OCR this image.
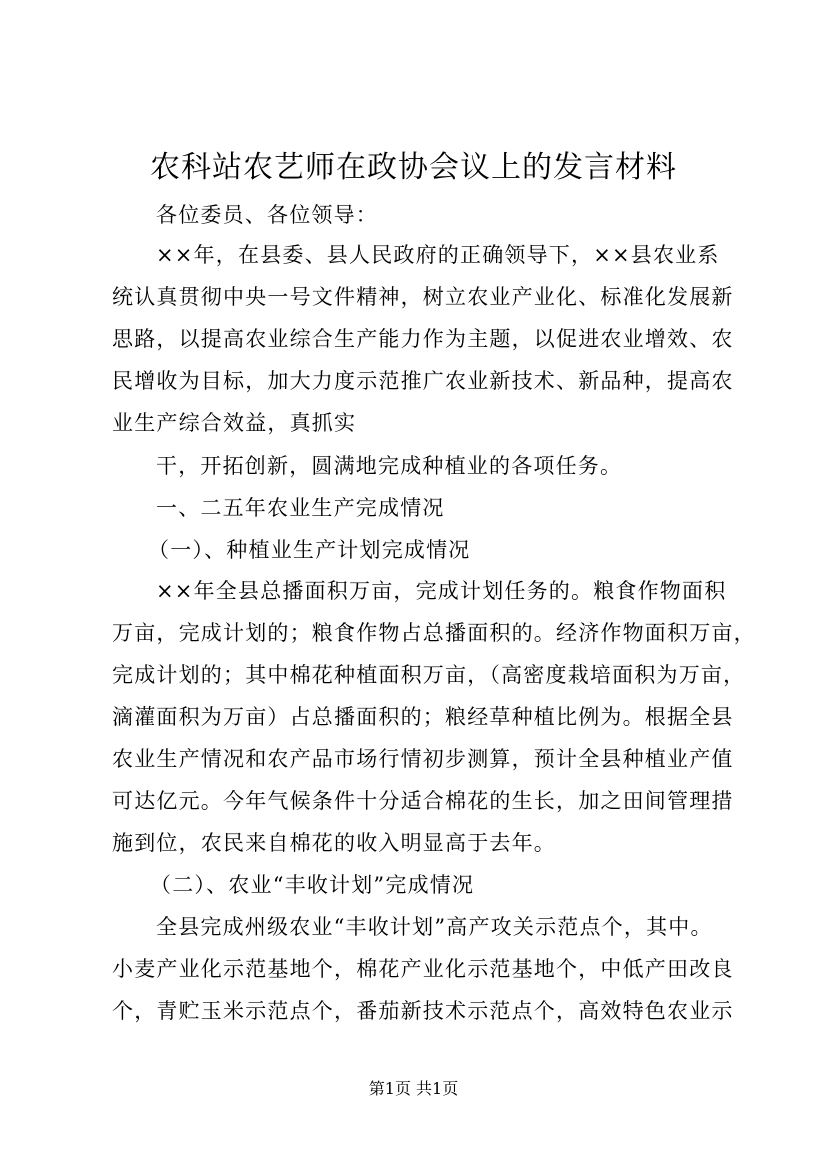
农科站农艺师在政协会议上的发言材料
各位委员、各位领导：
××年，在县委、县人民政府的正确领导下，××县农业系
统认真贯彻中央一号文件精神，树立农业产业化、标准化发展新
思路，以提高农业综合生产能力作为主题，以促进农业增效、农
民增收为目标，加大力度示范推广农业新技术、新品种，提高农
业生产综合效益，真抓实
干，开拓创新，圆满地完成种植业的各项任务。
一、二五年农业生产完成情况
（一）、种植业生产计划完成情况
××年全县总播面积万亩，完成计划任务的。粮食作物面积
万亩，完成计划的；粮食作物占总播面积的。经济作物面积万亩，
完成计划的；其中棉花种植面积万亩，（高密度栽培面积为万亩，
滴灌面积为万亩）占总播面积的；粮经草种植比例为。根据全县
农业生产情况和农产品市场行情初步测算，预计全县种植业产值
可达亿元。今年气候条件十分适合棉花的生长，加之田间管理措
施到位，农民来自棉花的收入明显高于去年。
（二）、农业“丰收计划”完成情况
全县完成州级农业“丰收计划”高产攻关示范点个，其中。
小麦产业化示范基地个，棉花产业化示范基地个，中低产田改良
个，青贮玉米示范点个，番茄新技术示范点个，高效特色农业示
第1页 共1页
